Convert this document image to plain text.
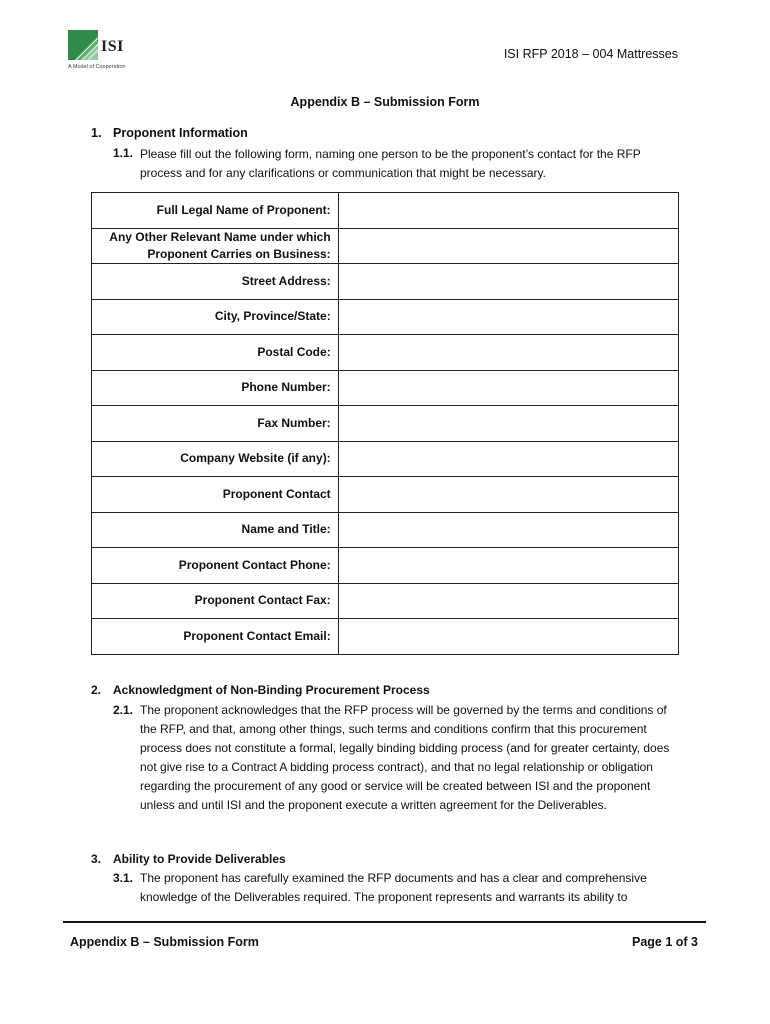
ISI
A Model of Cooperation
ISI RFP 2018 – 004 Mattresses
Appendix B – Submission Form
1. Proponent Information
1.1. Please fill out the following form, naming one person to be the proponent’s contact for the RFP process and for any clarifications or communication that might be necessary.
Full Legal Name of Proponent:	
Any Other Relevant Name under which Proponent Carries on Business:	
Street Address:	
City, Province/State:	
Postal Code:	
Phone Number:	
Fax Number:	
Company Website (if any):	
Proponent Contact	
Name and Title:	
Proponent Contact Phone:	
Proponent Contact Fax:	
Proponent Contact Email:	
2. Acknowledgment of Non-Binding Procurement Process
2.1. The proponent acknowledges that the RFP process will be governed by the terms and conditions of the RFP, and that, among other things, such terms and conditions confirm that this procurement process does not constitute a formal, legally binding bidding process (and for greater certainty, does not give rise to a Contract A bidding process contract), and that no legal relationship or obligation regarding the procurement of any good or service will be created between ISI and the proponent unless and until ISI and the proponent execute a written agreement for the Deliverables.
3. Ability to Provide Deliverables
3.1. The proponent has carefully examined the RFP documents and has a clear and comprehensive knowledge of the Deliverables required. The proponent represents and warrants its ability to
Appendix B – Submission Form	Page 1 of 3
